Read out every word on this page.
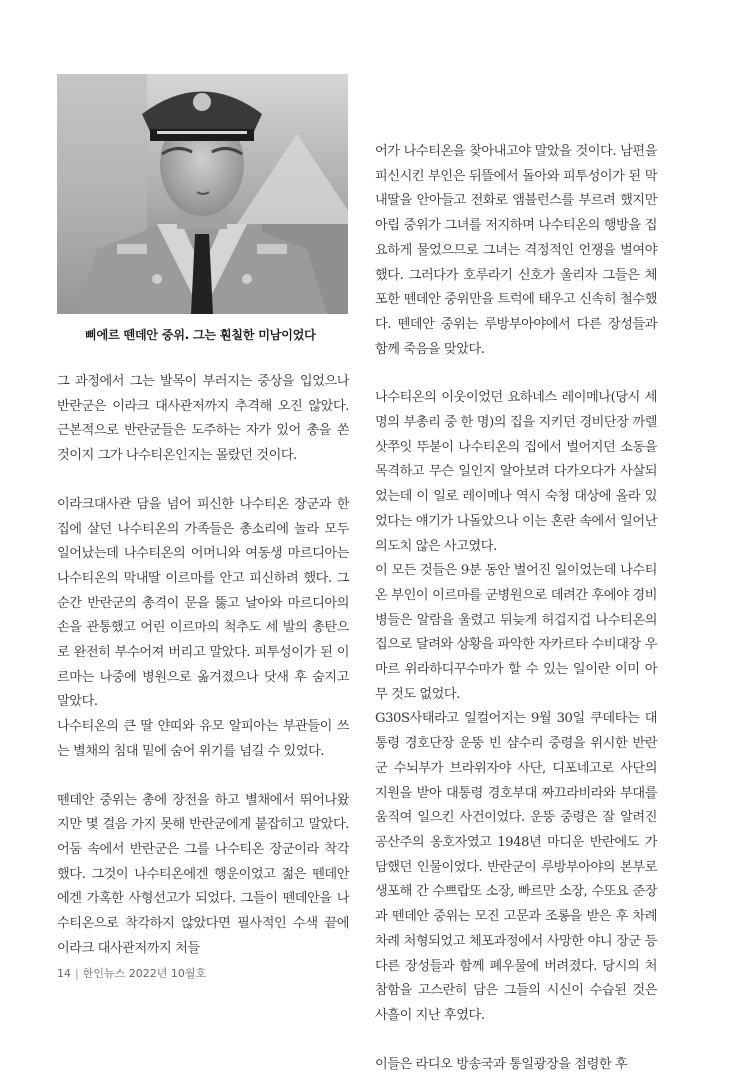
삐에르 뗀데안 중위. 그는 훤칠한 미남이었다

그 과정에서 그는 발목이 부러지는 중상을 입었으나 반란군은 이라크 대사관저까지 추격해 오진 않았다. 근본적으로 반란군들은 도주하는 자가 있어 총을 쏜 것이지 그가 나수티온인지는 몰랐던 것이다.

이라크대사관 담을 넘어 피신한 나수티온 장군과 한 집에 살던 나수티온의 가족들은 총소리에 놀라 모두 일어났는데 나수티온의 어머니와 여동생 마르디아는 나수티온의 막내딸 이르마를 안고 피신하려 했다. 그 순간 반란군의 총격이 문을 뚫고 날아와 마르디아의 손을 관통했고 어린 이르마의 척추도 세 발의 총탄으로 완전히 부수어져 버리고 말았다. 피투성이가 된 이르마는 나중에 병원으로 옮겨졌으나 닷새 후 숨지고 말았다.

나수티온의 큰 딸 얀띠와 유모 알피아는 부관들이 쓰는 별채의 침대 밑에 숨어 위기를 넘길 수 있었다.

뗀데안 중위는 총에 장전을 하고 별채에서 뛰어나왔지만 몇 걸음 가지 못해 반란군에게 붙잡히고 말았다. 어둠 속에서 반란군은 그를 나수티온 장군이라 착각했다. 그것이 나수티온에겐 행운이었고 젊은 뗀데안에겐 가혹한 사형선고가 되었다. 그들이 뗀데안을 나수티온으로 착각하지 않았다면 필사적인 수색 끝에 이라크 대사관저까지 처들

어가 나수티온을 찾아내고야 말았을 것이다. 남편을 피신시킨 부인은 뒤뜰에서 돌아와 피투성이가 된 막내딸을 안아들고 전화로 앰블런스를 부르려 했지만 아립 중위가 그녀를 저지하며 나수티온의 행방을 집요하게 물었으므로 그녀는 격정적인 언쟁을 벌여야 했다. 그러다가 호루라기 신호가 울리자 그들은 체포한 뗀데안 중위만을 트럭에 태우고 신속히 철수했다. 뗀데안 중위는 루방부아야에서 다른 장성들과 함께 죽음을 맞았다.

나수티온의 이웃이었던 요하네스 레이메나(당시 세 명의 부총리 중 한 명)의 집을 지키던 경비단장 까렐 삿쭈잇 뚜붇이 나수티온의 집에서 벌어지던 소동을 목격하고 무슨 일인지 알아보려 다가오다가 사살되었는데 이 일로 레이메나 역시 숙청 대상에 올라 있었다는 얘기가 나돌았으나 이는 혼란 속에서 일어난 의도치 않은 사고였다.

이 모든 것들은 9분 동안 벌어진 일이었는데 나수티온 부인이 이르마를 군병원으로 데려간 후에야 경비병들은 알람을 울렸고 뒤늦게 허겁지겁 나수티온의 집으로 달려와 상황을 파악한 자카르타 수비대장 우마르 위라하디꾸수마가 할 수 있는 일이란 이미 아무 것도 없었다.

G30S사태라고 일컬어지는 9월 30일 쿠데타는 대통령 경호단장 운뚱 빈 샴수리 중령을 위시한 반란군 수뇌부가 브라위자야 사단, 디포네고로 사단의 지원을 받아 대통령 경호부대 짜끄라비라와 부대를 움직여 일으킨 사건이었다. 운뚱 중령은 잘 알려진 공산주의 옹호자였고 1948년 마디운 반란에도 가담했던 인물이었다. 반란군이 루방부아야의 본부로 생포해 간 수쁘랍또 소장, 빠르만 소장, 수또요 준장과 뗀데안 중위는 모진 고문과 조롱을 받은 후 차례차례 처형되었고 체포과정에서 사망한 야니 장군 등 다른 장성들과 함께 폐우물에 버려졌다. 당시의 처참함을 고스란히 담은 그들의 시신이 수습된 것은 사흘이 지난 후였다.

이들은 라디오 방송국과 통일광장을 점령한 후

14 | 한인뉴스 2022년 10월호
